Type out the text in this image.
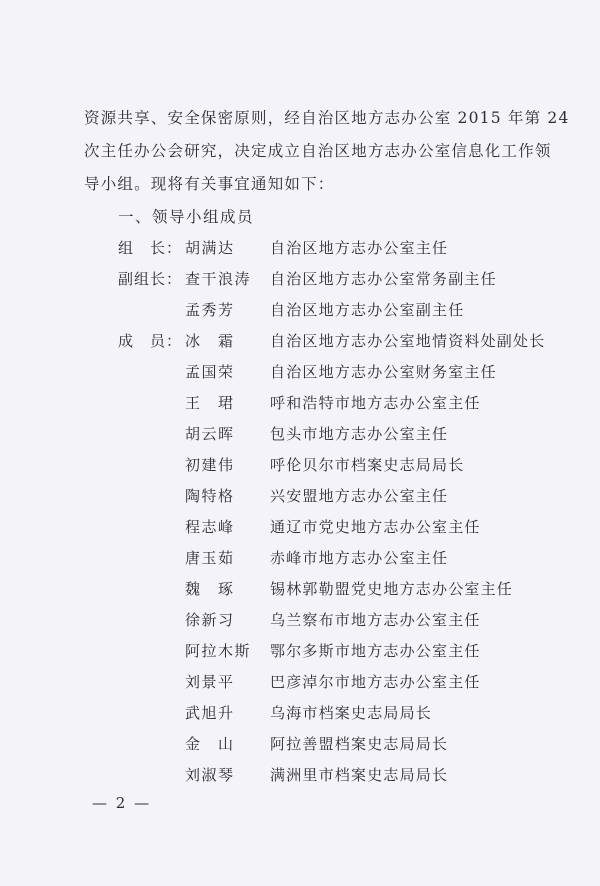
资源共享、安全保密原则，经自治区地方志办公室 2015 年第 24
次主任办公会研究，决定成立自治区地方志办公室信息化工作领
导小组。现将有关事宜通知如下：
一、领导小组成员
组　长： 胡满达 自治区地方志办公室主任
副组长： 查干浪涛 自治区地方志办公室常务副主任
孟秀芳 自治区地方志办公室副主任
成　员： 冰　霜 自治区地方志办公室地情资料处副处长
孟国荣 自治区地方志办公室财务室主任
王　珺 呼和浩特市地方志办公室主任
胡云晖 包头市地方志办公室主任
初建伟 呼伦贝尔市档案史志局局长
陶特格 兴安盟地方志办公室主任
程志峰 通辽市党史地方志办公室主任
唐玉茹 赤峰市地方志办公室主任
魏　琢 锡林郭勒盟党史地方志办公室主任
徐新习 乌兰察布市地方志办公室主任
阿拉木斯 鄂尔多斯市地方志办公室主任
刘景平 巴彦淖尔市地方志办公室主任
武旭升 乌海市档案史志局局长
金　山 阿拉善盟档案史志局局长
刘淑琴 满洲里市档案史志局局长
— 2 —
